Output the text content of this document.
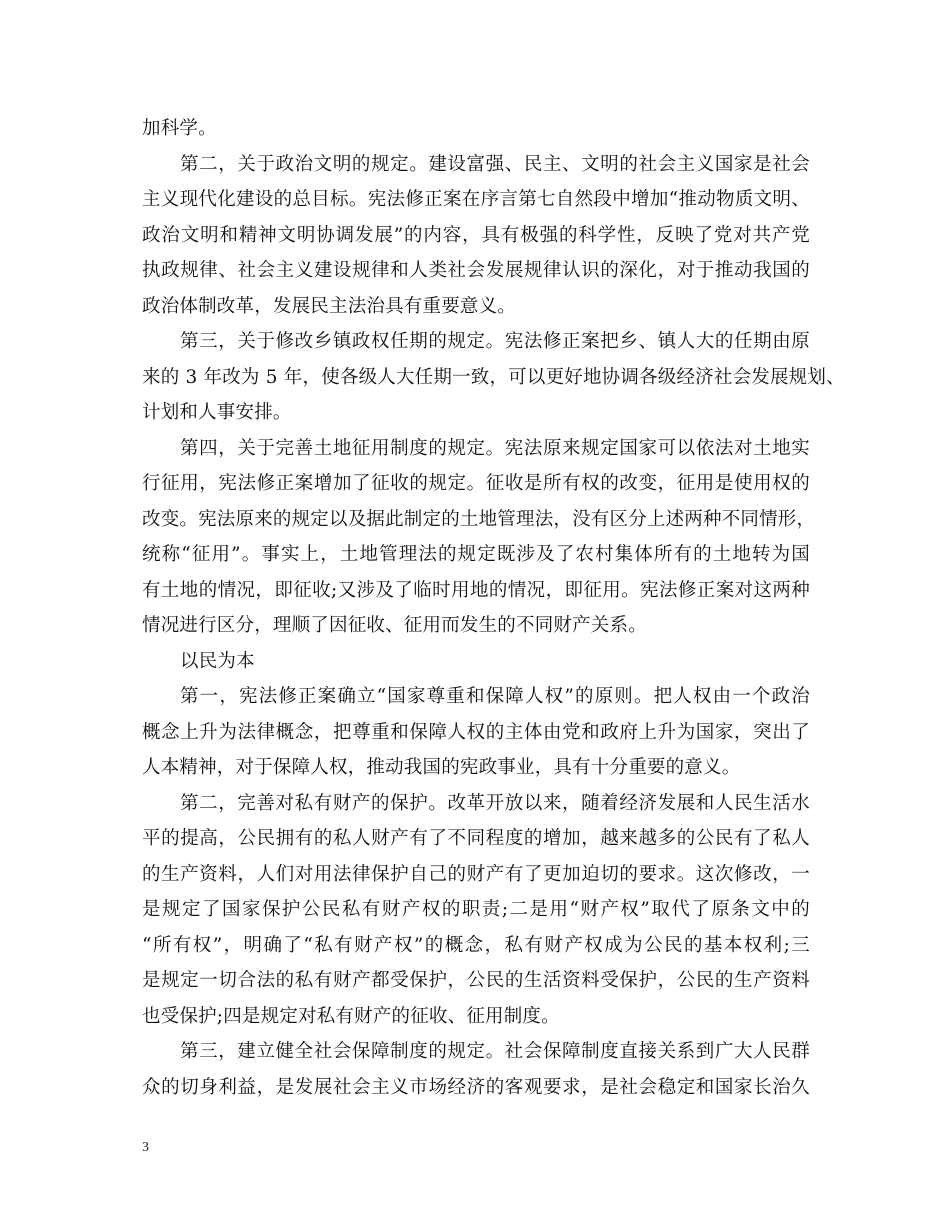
加科学。
第二，关于政治文明的规定。建设富强、民主、文明的社会主义国家是社会
主义现代化建设的总目标。宪法修正案在序言第七自然段中增加“推动物质文明、
政治文明和精神文明协调发展”的内容，具有极强的科学性，反映了党对共产党
执政规律、社会主义建设规律和人类社会发展规律认识的深化，对于推动我国的
政治体制改革，发展民主法治具有重要意义。
第三，关于修改乡镇政权任期的规定。宪法修正案把乡、镇人大的任期由原
来的 3 年改为 5 年，使各级人大任期一致，可以更好地协调各级经济社会发展规划、
计划和人事安排。
第四，关于完善土地征用制度的规定。宪法原来规定国家可以依法对土地实
行征用，宪法修正案增加了征收的规定。征收是所有权的改变，征用是使用权的
改变。宪法原来的规定以及据此制定的土地管理法，没有区分上述两种不同情形，
统称“征用”。事实上，土地管理法的规定既涉及了农村集体所有的土地转为国
有土地的情况，即征收;又涉及了临时用地的情况，即征用。宪法修正案对这两种
情况进行区分，理顺了因征收、征用而发生的不同财产关系。
以民为本
第一，宪法修正案确立“国家尊重和保障人权”的原则。把人权由一个政治
概念上升为法律概念，把尊重和保障人权的主体由党和政府上升为国家，突出了
人本精神，对于保障人权，推动我国的宪政事业，具有十分重要的意义。
第二，完善对私有财产的保护。改革开放以来，随着经济发展和人民生活水
平的提高，公民拥有的私人财产有了不同程度的增加，越来越多的公民有了私人
的生产资料，人们对用法律保护自己的财产有了更加迫切的要求。这次修改，一
是规定了国家保护公民私有财产权的职责;二是用“财产权”取代了原条文中的
“所有权”，明确了“私有财产权”的概念，私有财产权成为公民的基本权利;三
是规定一切合法的私有财产都受保护，公民的生活资料受保护，公民的生产资料
也受保护;四是规定对私有财产的征收、征用制度。
第三，建立健全社会保障制度的规定。社会保障制度直接关系到广大人民群
众的切身利益，是发展社会主义市场经济的客观要求，是社会稳定和国家长治久
3
